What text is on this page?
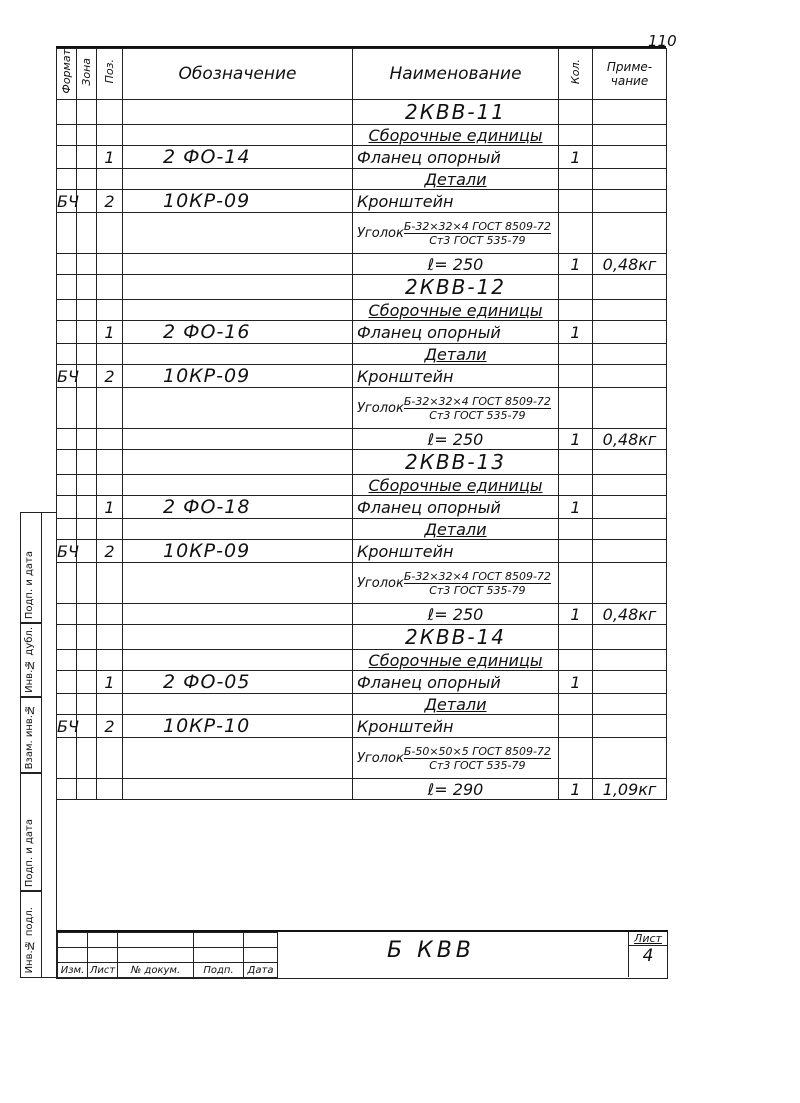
110
Формат	Зона	Поз.	Обозначение	Наименование	Кол.	Приме-чание
				2КВВ-11		
				Сборочные единицы		
		1	2 ФО-14	Фланец опорный	1	
				Детали		
БЧ		2	10КР-09	Кронштейн		
				Уголок $\frac{\text{Б-32×32×4 ГОСТ 8509-72}}{\text{Ст3 ГОСТ 535-79}}$

				ℓ= 250	1	0,48кг
				2КВВ-12		
				Сборочные единицы		
		1	2 ФО-16	Фланец опорный	1	
				Детали		
БЧ		2	10КР-09	Кронштейн		
				Уголок $\frac{\text{Б-32×32×4 ГОСТ 8509-72}}{\text{Ст3 ГОСТ 535-79}}$

				ℓ= 250	1	0,48кг
				2КВВ-13		
				Сборочные единицы		
		1	2 ФО-18	Фланец опорный	1	
				Детали		
БЧ		2	10КР-09	Кронштейн		
				Уголок $\frac{\text{Б-32×32×4 ГОСТ 8509-72}}{\text{Ст3 ГОСТ 535-79}}$

				ℓ= 250	1	0,48кг
				2КВВ-14		
				Сборочные единицы		
		1	2 ФО-05	Фланец опорный	1	
				Детали		
БЧ		2	10КР-10	Кронштейн		
				Уголок $\frac{\text{Б-50×50×5 ГОСТ 8509-72}}{\text{Ст3 ГОСТ 535-79}}$

				ℓ= 290	1	1,09кг
Подп. и дата
Инв.№ дубл.
Взам. инв.№
Подп. и дата
Инв.№ подл.

					Изм.	Лист	№ докум.	Подп.	Дата
Б КВВ	Лист
4
